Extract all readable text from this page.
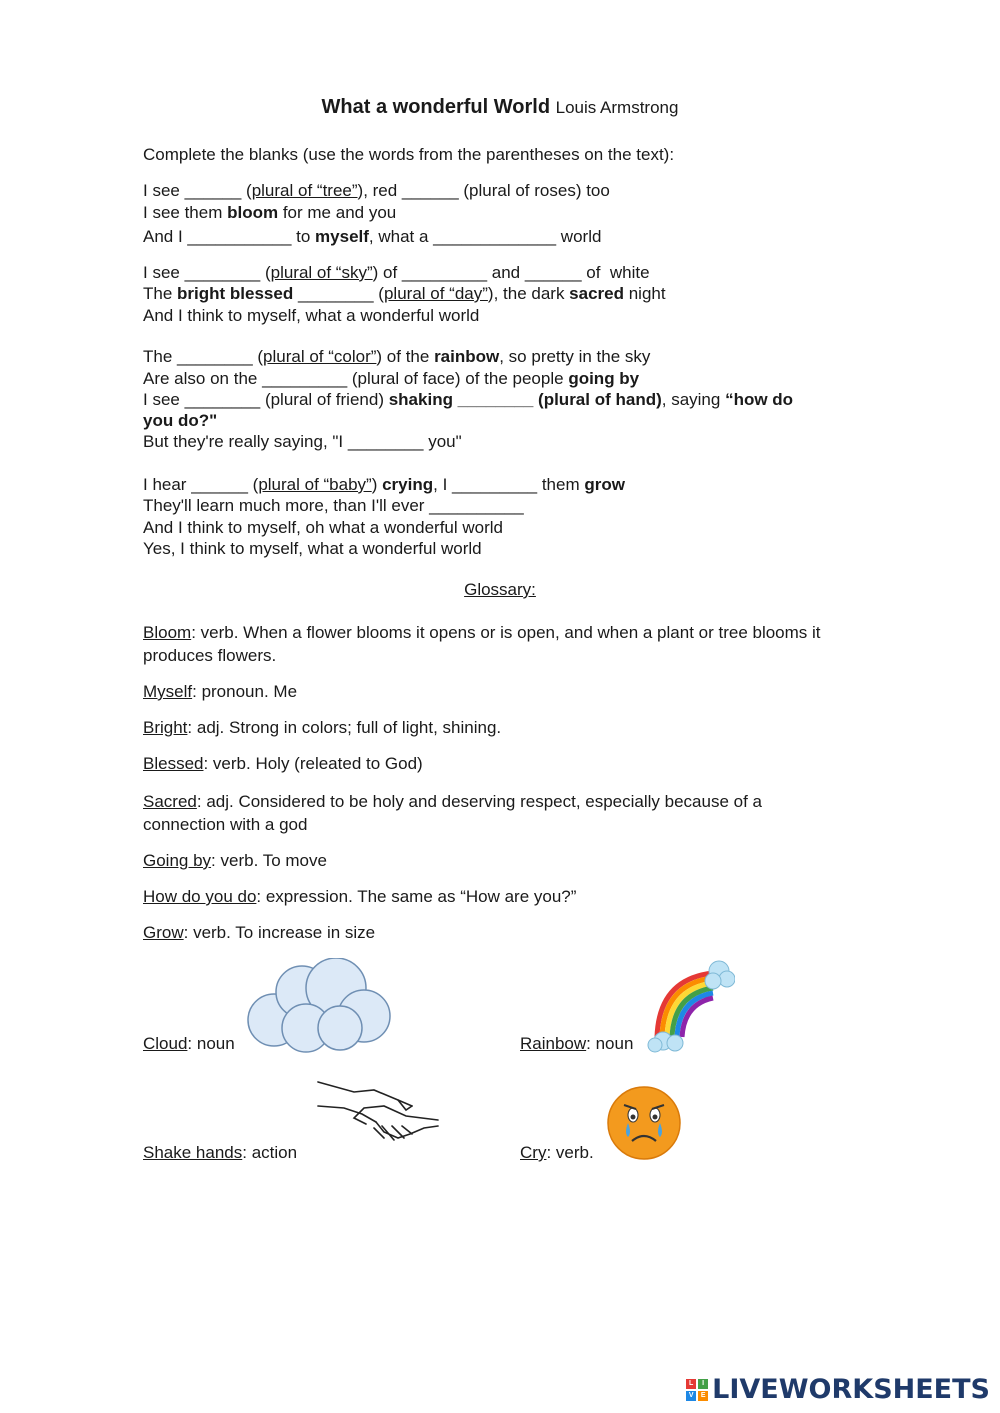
What a wonderful World Louis Armstrong
Complete the blanks (use the words from the parentheses on the text):
I see ______ (plural of “tree”), red ______ (plural of roses) too
I see them bloom for me and you
And I ___________ to myself, what a _____________ world
I see ________ (plural of “sky”) of _________ and ______ of  white
The bright blessed ________ (plural of “day”), the dark sacred night
And I think to myself, what a wonderful world
The ________ (plural of “color”) of the rainbow, so pretty in the sky
Are also on the _________ (plural of face) of the people going by
I see ________ (plural of friend) shaking ________ (plural of hand), saying “how do
you do?"
But they're really saying, "I ________ you"
I hear ______ (plural of “baby”) crying, I _________ them grow
They'll learn much more, than I'll ever __________
And I think to myself, oh what a wonderful world
Yes, I think to myself, what a wonderful world
Glossary:
Bloom: verb. When a flower blooms it opens or is open, and when a plant or tree blooms it produces flowers.
Myself: pronoun. Me
Bright: adj. Strong in colors; full of light, shining.
Blessed: verb. Holy (releated to God)
Sacred: adj. Considered to be holy and deserving respect, especially because of a connection with a god
Going by: verb. To move
How do you do: expression. The same as “How are you?”
Grow: verb. To increase in size
Cloud: noun	Rainbow: noun
Shake hands: action	Cry: verb.
L	I
V	E LIVEWORKSHEETS
